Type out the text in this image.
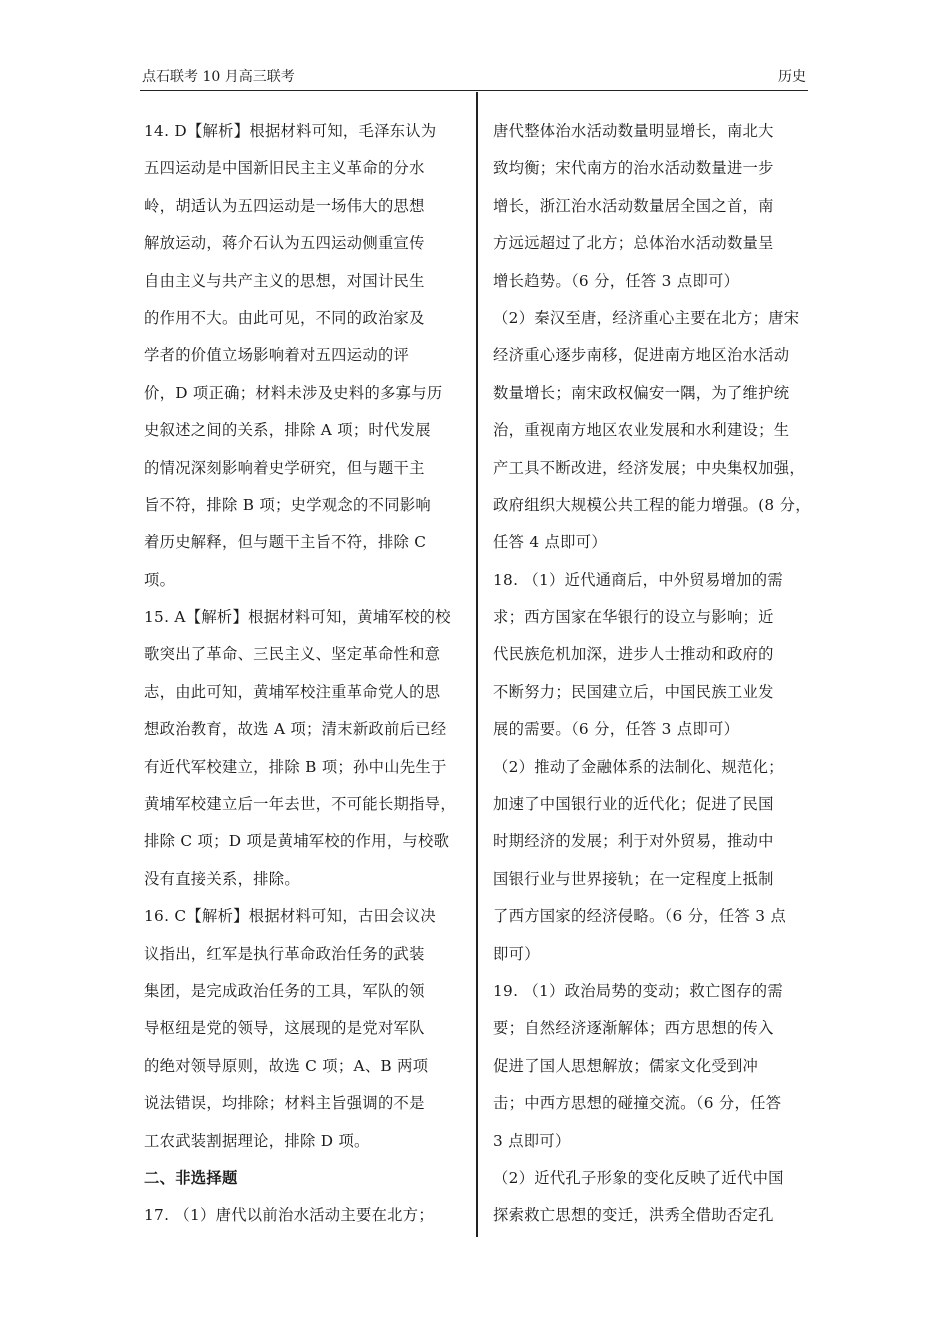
点石联考 10 月高三联考	历史
14. D【解析】根据材料可知，毛泽东认为
五四运动是中国新旧民主主义革命的分水
岭，胡适认为五四运动是一场伟大的思想
解放运动，蒋介石认为五四运动侧重宣传
自由主义与共产主义的思想，对国计民生
的作用不大。由此可见，不同的政治家及
学者的价值立场影响着对五四运动的评
价，D 项正确；材料未涉及史料的多寡与历
史叙述之间的关系，排除 A 项；时代发展
的情况深刻影响着史学研究，但与题干主
旨不符，排除 B 项；史学观念的不同影响
着历史解释，但与题干主旨不符，排除 C
项。
15. A【解析】根据材料可知，黄埔军校的校
歌突出了革命、三民主义、坚定革命性和意
志，由此可知，黄埔军校注重革命党人的思
想政治教育，故选 A 项；清末新政前后已经
有近代军校建立，排除 B 项；孙中山先生于
黄埔军校建立后一年去世，不可能长期指导，
排除 C 项；D 项是黄埔军校的作用，与校歌
没有直接关系，排除。
16. C【解析】根据材料可知，古田会议决
议指出，红军是执行革命政治任务的武装
集团，是完成政治任务的工具，军队的领
导枢纽是党的领导，这展现的是党对军队
的绝对领导原则，故选 C 项；A、B 两项
说法错误，均排除；材料主旨强调的不是
工农武装割据理论，排除 D 项。
二、非选择题
17. （1）唐代以前治水活动主要在北方；
唐代整体治水活动数量明显增长，南北大
致均衡；宋代南方的治水活动数量进一步
增长，浙江治水活动数量居全国之首，南
方远远超过了北方；总体治水活动数量呈
增长趋势。（6 分，任答 3 点即可）
（2）秦汉至唐，经济重心主要在北方；唐宋
经济重心逐步南移，促进南方地区治水活动
数量增长；南宋政权偏安一隅，为了维护统
治，重视南方地区农业发展和水利建设；生
产工具不断改进，经济发展；中央集权加强，
政府组织大规模公共工程的能力增强。(8 分，
任答 4 点即可）
18. （1）近代通商后，中外贸易增加的需
求；西方国家在华银行的设立与影响；近
代民族危机加深，进步人士推动和政府的
不断努力；民国建立后，中国民族工业发
展的需要。（6 分，任答 3 点即可）
（2）推动了金融体系的法制化、规范化；
加速了中国银行业的近代化；促进了民国
时期经济的发展；利于对外贸易，推动中
国银行业与世界接轨；在一定程度上抵制
了西方国家的经济侵略。（6 分，任答 3 点
即可）
19. （1）政治局势的变动；救亡图存的需
要；自然经济逐渐解体；西方思想的传入
促进了国人思想解放；儒家文化受到冲
击；中西方思想的碰撞交流。（6 分，任答
3 点即可）
（2）近代孔子形象的变化反映了近代中国
探索救亡思想的变迁，洪秀全借助否定孔
